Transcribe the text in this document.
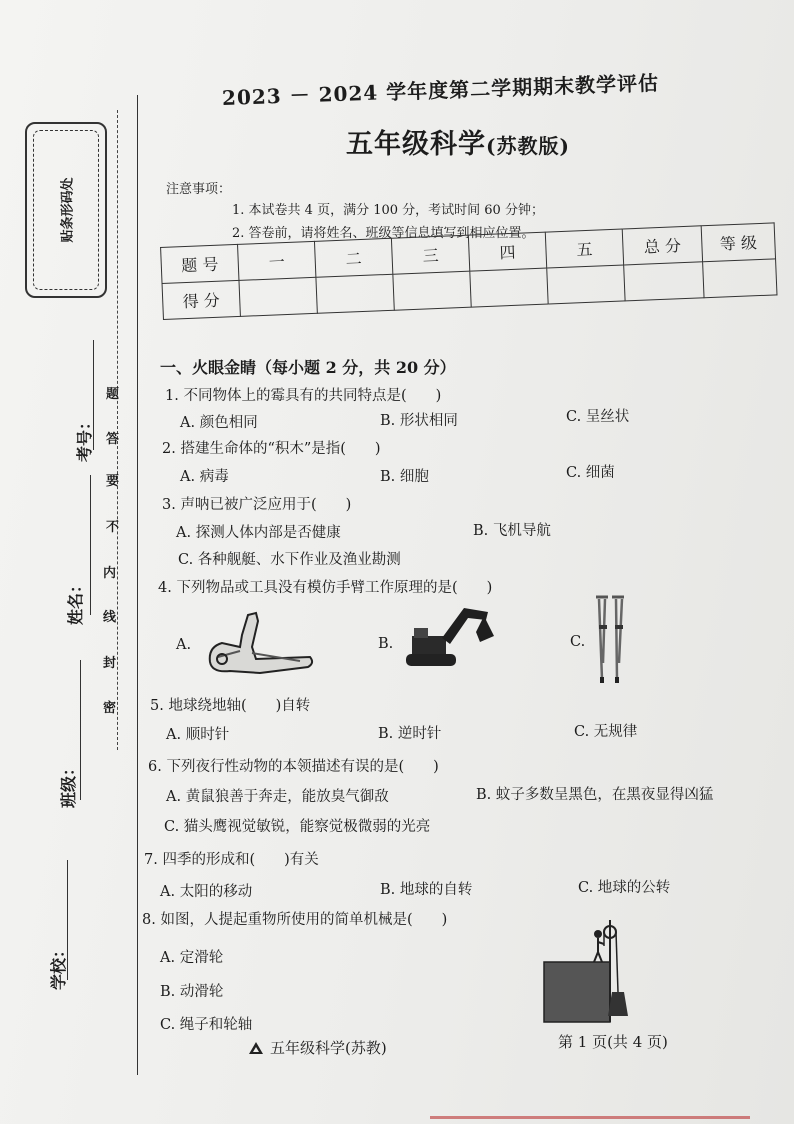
贴条形码处
题
答
要
不
内
线
封
密
考号：
姓名：
班级：
学校：
2023 － 2024 学年度第二学期期末教学评估
五年级科学(苏教版)
注意事项：
1. 本试卷共 4 页，满分 100 分，考试时间 60 分钟；
2. 答卷前，请将姓名、班级等信息填写到相应位置。
题 号	一	二	三	四	五	总 分	等 级
得 分							
一、火眼金睛（每小题 2 分，共 20 分）
1. 不同物体上的霉具有的共同特点是(　　)
A. 颜色相同	B. 形状相同	C. 呈丝状
2. 搭建生命体的“积木”是指(　　)
A. 病毒	B. 细胞	C. 细菌
3. 声呐已被广泛应用于(　　)
A. 探测人体内部是否健康	B. 飞机导航
C. 各种舰艇、水下作业及渔业勘测
4. 下列物品或工具没有模仿手臂工作原理的是(　　)
A.	B.	C.
5. 地球绕地轴(　　)自转
A. 顺时针	B. 逆时针	C. 无规律
6. 下列夜行性动物的本领描述有误的是(　　)
A. 黄鼠狼善于奔走，能放臭气御敌	B. 蚊子多数呈黑色，在黑夜显得凶猛
C. 猫头鹰视觉敏锐，能察觉极微弱的光亮
7. 四季的形成和(　　)有关
A. 太阳的移动	B. 地球的自转	C. 地球的公转
8. 如图，人提起重物所使用的简单机械是(　　)
A. 定滑轮
B. 动滑轮
C. 绳子和轮轴
五年级科学(苏教)	第 1 页(共 4 页)
